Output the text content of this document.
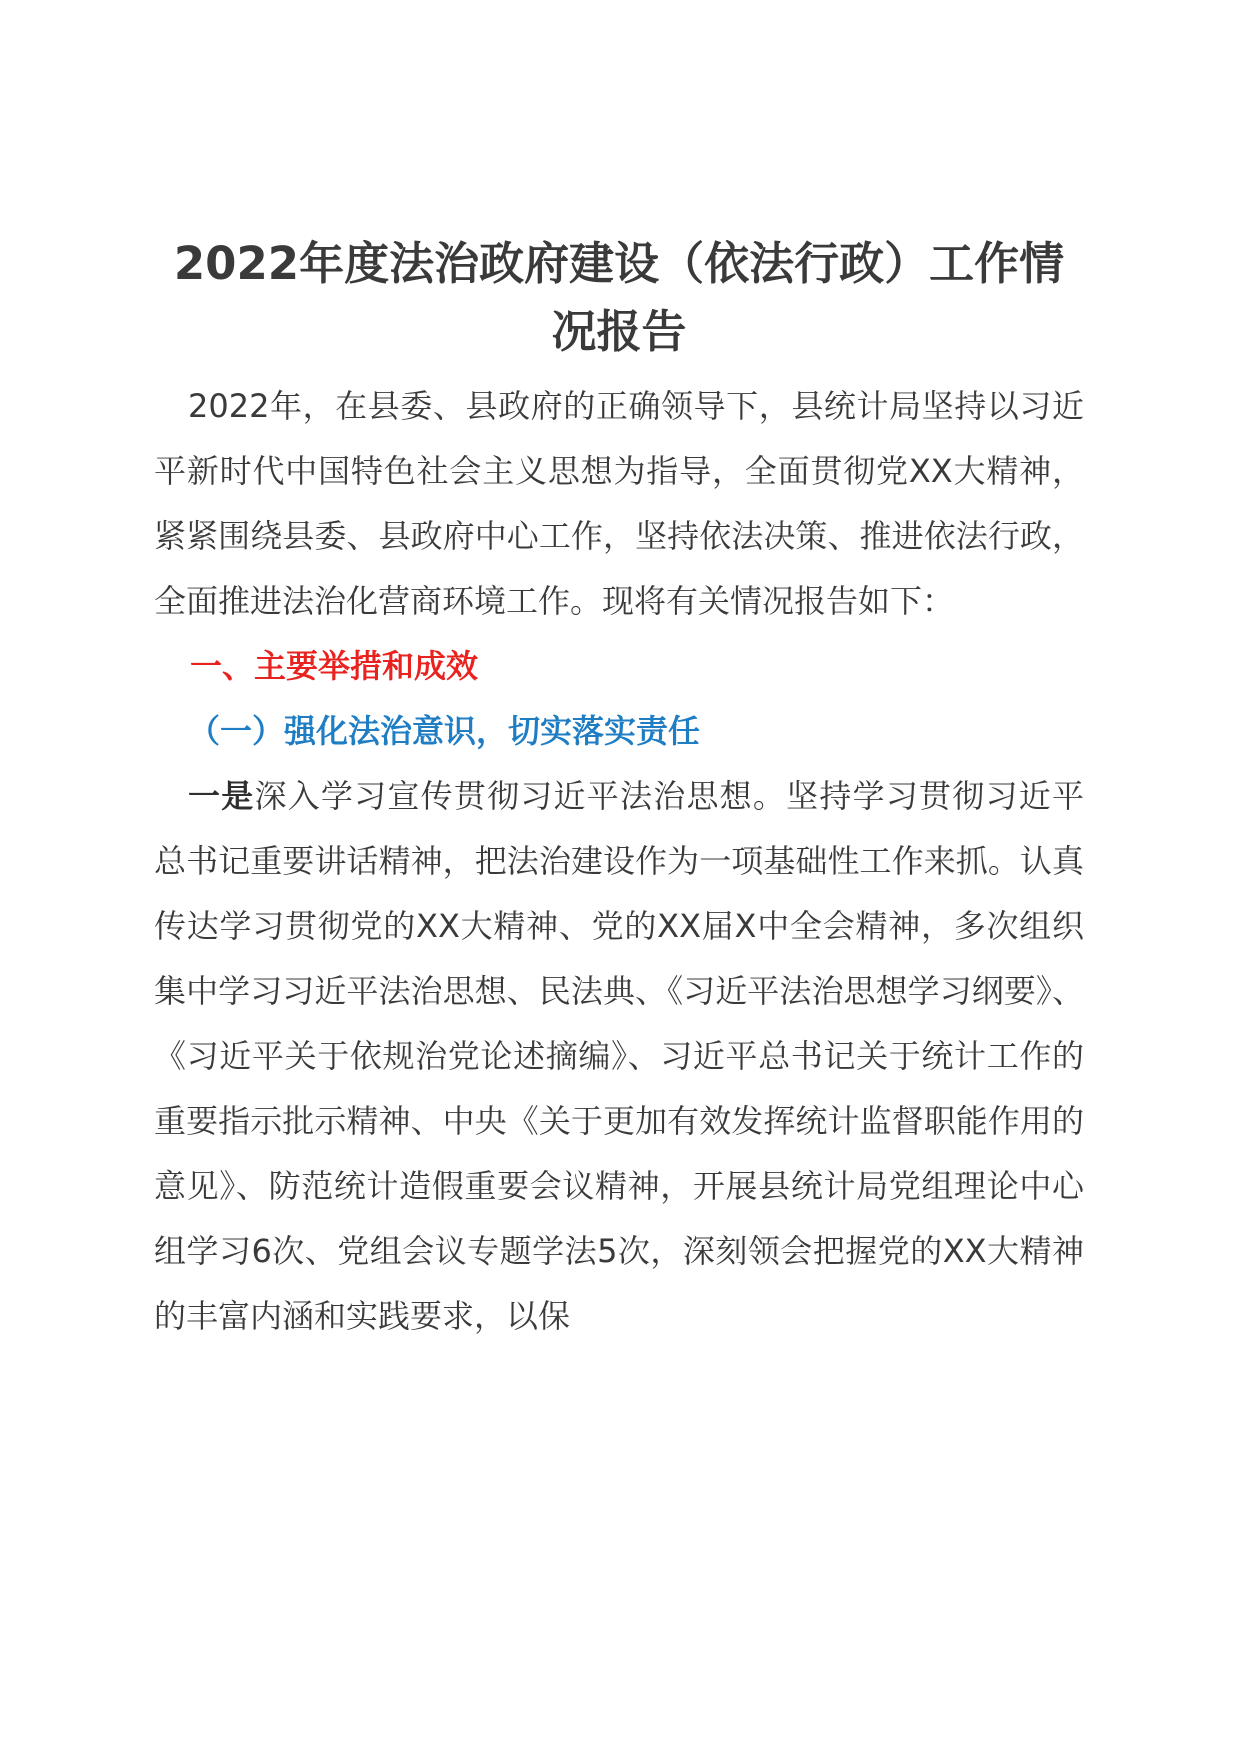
2022年度法治政府建设（依法行政）工作情况报告

2022年，在县委、县政府的正确领导下，县统计局坚持以习近平新时代中国特色社会主义思想为指导，全面贯彻党XX大精神，紧紧围绕县委、县政府中心工作，坚持依法决策、推进依法行政，全面推进法治化营商环境工作。现将有关情况报告如下：

一、主要举措和成效
（一）强化法治意识，切实落实责任

一是深入学习宣传贯彻习近平法治思想。坚持学习贯彻习近平总书记重要讲话精神，把法治建设作为一项基础性工作来抓。认真传达学习贯彻党的XX大精神、党的XX届X中全会精神，多次组织集中学习习近平法治思想、民法典、《习近平法治思想学习纲要》、《习近平关于依规治党论述摘编》、习近平总书记关于统计工作的重要指示批示精神、中央《关于更加有效发挥统计监督职能作用的意见》、防范统计造假重要会议精神，开展县统计局党组理论中心组学习6次、党组会议专题学法5次，深刻领会把握党的XX大精神的丰富内涵和实践要求，以保
